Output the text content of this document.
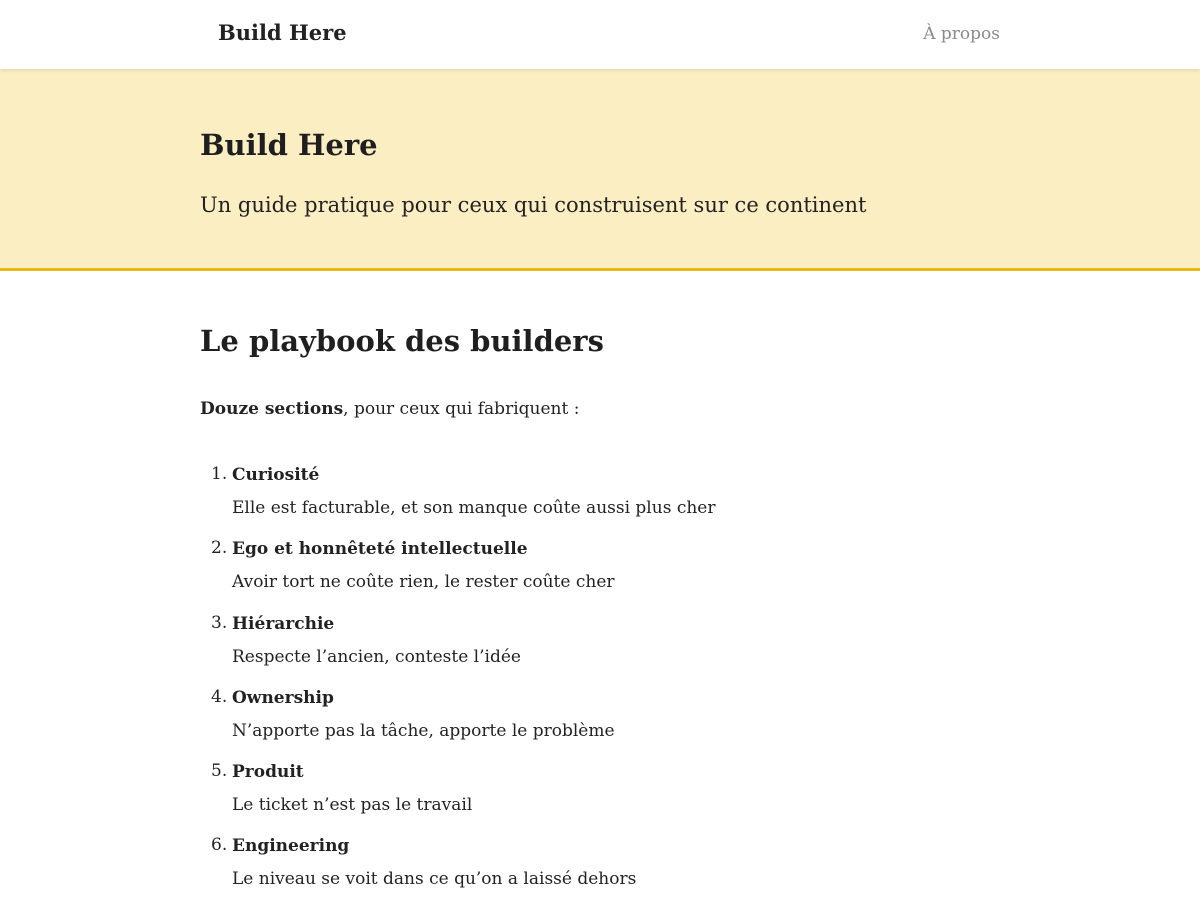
Build Here	À propos
Build Here

Un guide pratique pour ceux qui construisent sur ce continent

Le playbook des builders

Douze sections, pour ceux qui fabriquent :

1. Curiosité
Elle est facturable, et son manque coûte aussi plus cher
2. Ego et honnêteté intellectuelle
Avoir tort ne coûte rien, le rester coûte cher
3. Hiérarchie
Respecte l’ancien, conteste l’idée
4. Ownership
N’apporte pas la tâche, apporte le problème
5. Produit
Le ticket n’est pas le travail
6. Engineering
Le niveau se voit dans ce qu’on a laissé dehors
